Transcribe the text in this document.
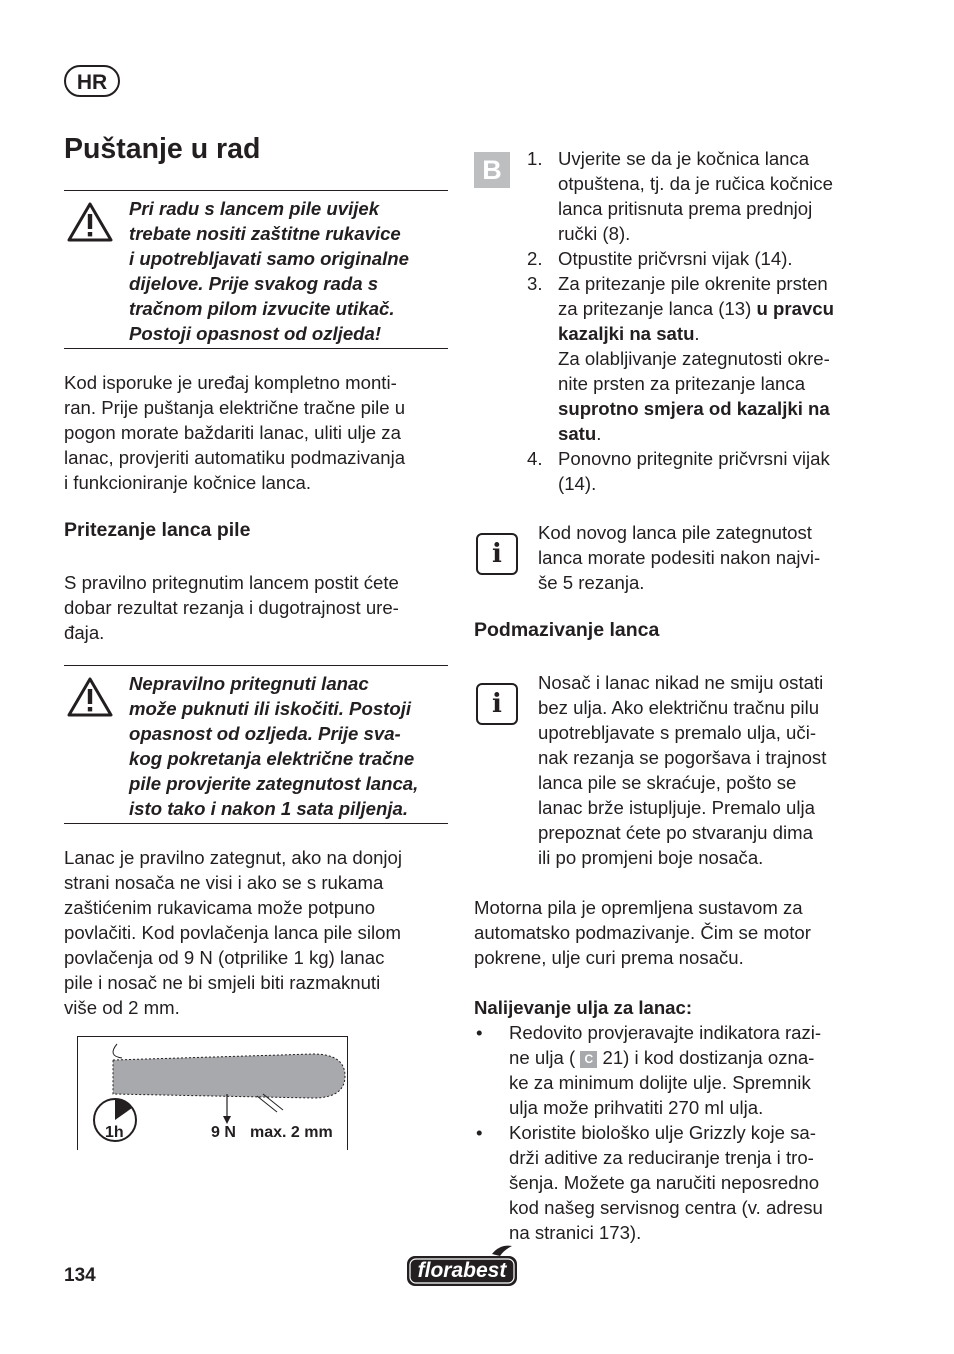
HR
Puštanje u rad
Pri radu s lancem pile uvijek
trebate nositi zaštitne rukavice
i upotrebljavati samo originalne
dijelove. Prije svakog rada s
tračnom pilom izvucite utikač.
Postoji opasnost od ozljeda!
Kod isporuke je uređaj kompletno monti-
ran. Prije puštanja električne tračne pile u
pogon morate baždariti lanac, uliti ulje za
lanac, provjeriti automatiku podmazivanja
i funkcioniranje kočnice lanca.
Pritezanje lanca pile
S pravilno pritegnutim lancem postit ćete
dobar rezultat rezanja i dugotrajnost ure-
đaja.
Nepravilno pritegnuti lanac
može puknuti ili iskočiti. Postoji
opasnost od ozljeda. Prije sva-
kog pokretanja električne tračne
pile provjerite zategnutost lanca,
isto tako i nakon 1 sata piljenja.
Lanac je pravilno zategnut, ako na donjoj
strani nosača ne visi i ako se s rukama
zaštićenim rukavicama može potpuno
povlačiti. Kod povlačenja lanca pile silom
povlačenja od 9 N (otprilike 1 kg) lanac
pile i nosač ne bi smjeli biti razmaknuti
više od 2 mm.
1h	9 N max. 2 mm
B	1. Uvjerite se da je kočnica lanca
otpuštena, tj. da je ručica kočnice
lanca pritisnuta prema prednjoj
ručki (8).
2. Otpustite pričvrsni vijak (14).
3. Za pritezanje pile okrenite prsten
za pritezanje lanca (13) u pravcu
kazaljki na satu.
Za olabljivanje zategnutosti okre-
nite prsten za pritezanje lanca
suprotno smjera od kazaljki na
satu.
4. Ponovno pritegnite pričvrsni vijak
(14).
i
Kod novog lanca pile zategnutost
lanca morate podesiti nakon najvi-
še 5 rezanja.
Podmazivanje lanca
i
Nosač i lanac nikad ne smiju ostati
bez ulja. Ako električnu tračnu pilu
upotrebljavate s premalo ulja, uči-
nak rezanja se pogoršava i trajnost
lanca pile se skraćuje, pošto se
lanac brže istupljuje. Premalo ulja
prepoznat ćete po stvaranju dima
ili po promjeni boje nosača.
Motorna pila je opremljena sustavom za
automatsko podmazivanje. Čim se motor
pokrene, ulje curi prema nosaču.
Nalijevanje ulja za lanac:
• Redovito provjeravajte indikatora razi-
ne ulja ( C 21) i kod dostizanja ozna-
ke za minimum dolijte ulje. Spremnik
ulja može prihvatiti 270 ml ulja.
• Koristite biološko ulje Grizzly koje sa-
drži aditive za reduciranje trenja i tro-
šenja. Možete ga naručiti neposredno
kod našeg servisnog centra (v. adresu
na stranici 173).
134	florabest
